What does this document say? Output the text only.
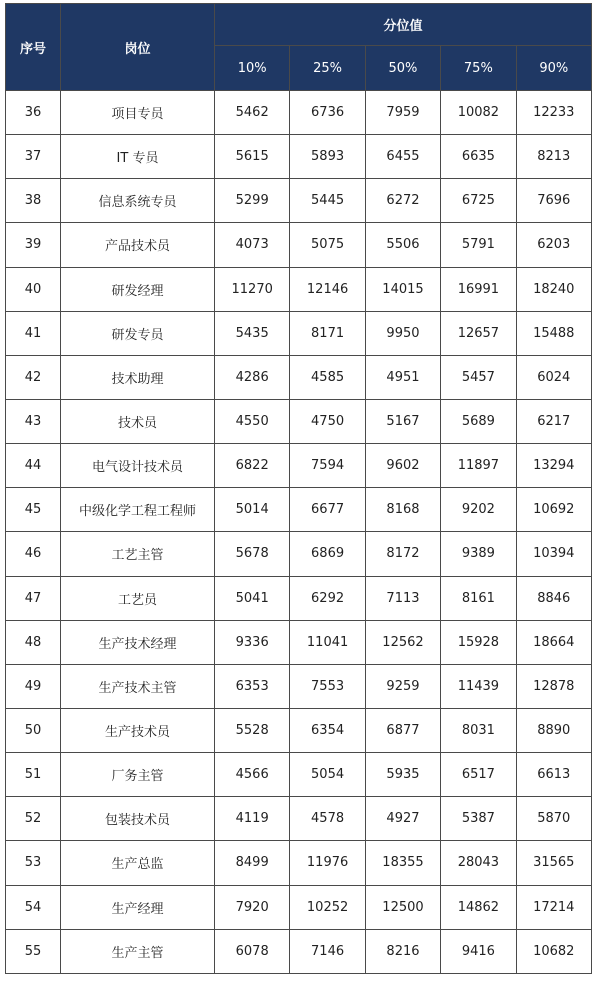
序号	岗位	分位值				
		10%	25%	50%	75%	90%
36	项目专员	5462	6736	7959	10082	12233
37	IT 专员	5615	5893	6455	6635	8213
38	信息系统专员	5299	5445	6272	6725	7696
39	产品技术员	4073	5075	5506	5791	6203
40	研发经理	11270	12146	14015	16991	18240
41	研发专员	5435	8171	9950	12657	15488
42	技术助理	4286	4585	4951	5457	6024
43	技术员	4550	4750	5167	5689	6217
44	电气设计技术员	6822	7594	9602	11897	13294
45	中级化学工程工程师	5014	6677	8168	9202	10692
46	工艺主管	5678	6869	8172	9389	10394
47	工艺员	5041	6292	7113	8161	8846
48	生产技术经理	9336	11041	12562	15928	18664
49	生产技术主管	6353	7553	9259	11439	12878
50	生产技术员	5528	6354	6877	8031	8890
51	厂务主管	4566	5054	5935	6517	6613
52	包装技术员	4119	4578	4927	5387	5870
53	生产总监	8499	11976	18355	28043	31565
54	生产经理	7920	10252	12500	14862	17214
55	生产主管	6078	7146	8216	9416	10682
